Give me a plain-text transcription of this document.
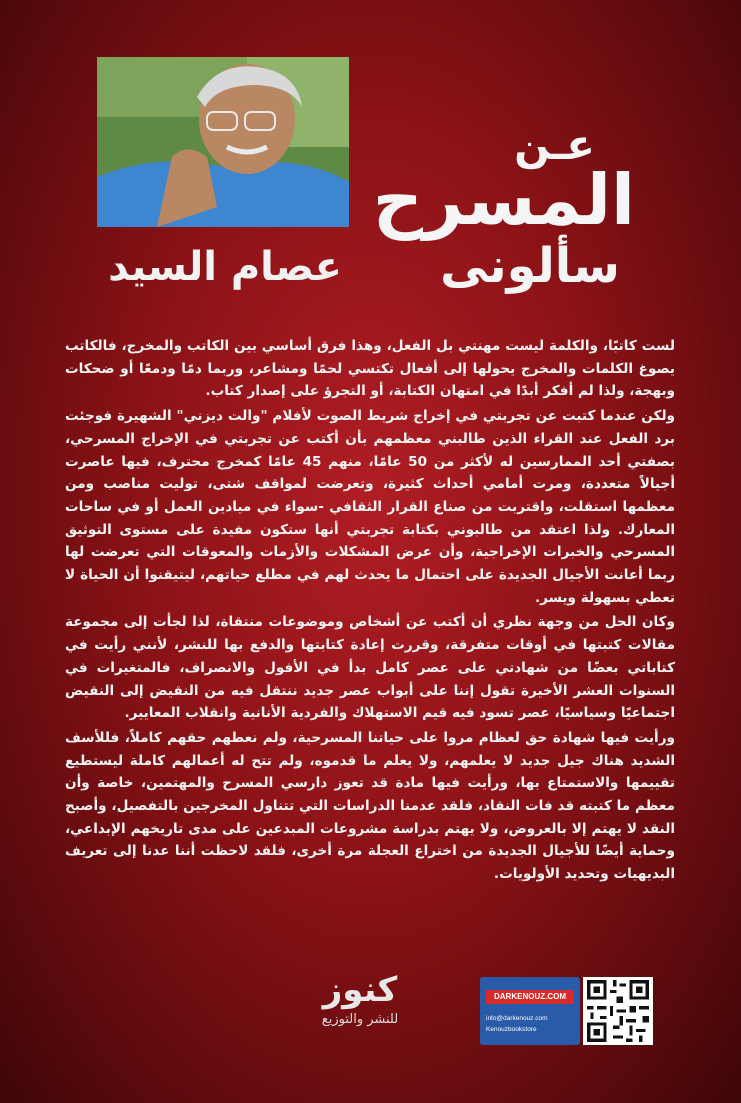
عصام السيد
عـن
المسرح
سألونى

لست كاتبًا، والكلمة ليست مهنتي بل الفعل، وهذا فرق أساسي بين الكاتب والمخرج، فالكاتب يصوغ الكلمات والمخرج يحولها إلى أفعال تكتسي لحمًا ومشاعر، وربما دمًا ودمعًا أو ضحكات وبهجة، ولذا لم أفكر أبدًا في امتهان الكتابة، أو التجرؤ على إصدار كتاب.

ولكن عندما كتبت عن تجربتي في إخراج شريط الصوت لأفلام "والت ديزني" الشهيرة فوجئت برد الفعل عند القراء الذين طالبني معظمهم بأن أكتب عن تجربتي في الإخراج المسرحي، بصفتي أحد الممارسين له لأكثر من 50 عامًا، منهم 45 عامًا كمخرج محترف، فيها عاصرت أجيالاً متعددة، ومرت أمامي أحداث كثيرة، وتعرضت لمواقف شتى، توليت مناصب ومن معظمها استقلت، واقتربت من صناع القرار الثقافي -سواء في ميادين العمل أو في ساحات المعارك. ولذا اعتقد من طالبوني بكتابة تجربتي أنها ستكون مفيدة على مستوى التوثيق المسرحي والخبرات الإخراجية، وأن عرض المشكلات والأزمات والمعوقات التي تعرضت لها ربما أعانت الأجيال الجديدة على احتمال ما يحدث لهم في مطلع حياتهم، ليتيقنوا أن الحياة لا تعطي بسهولة ويسر.

وكان الحل من وجهة نظري أن أكتب عن أشخاص وموضوعات منتقاة، لذا لجأت إلى مجموعة مقالات كتبتها في أوقات متفرقة، وقررت إعادة كتابتها والدفع بها للنشر، لأنني رأيت في كتاباتي بعضًا من شهادتي على عصر كامل بدأ في الأفول والانصراف، فالمتغيرات في السنوات العشر الأخيرة تقول إننا على أبواب عصر جديد ننتقل فيه من النقيض إلى النقيض اجتماعيًا وسياسيًا، عصر تسود فيه قيم الاستهلاك والفردية الأنانية وانقلاب المعايير.

ورأيت فيها شهادة حق لعظام مروا على حياتنا المسرحية، ولم نعطهم حقهم كاملاً، فللأسف الشديد هناك جيل جديد لا يعلمهم، ولا يعلم ما قدموه، ولم تتح له أعمالهم كاملة ليستطيع تقييمها والاستمتاع بها، ورأيت فيها مادة قد تعوز دارسي المسرح والمهتمين، خاصة وأن معظم ما كتبته قد فات النقاد، فلقد عدمنا الدراسات التي تتناول المخرجين بالتفصيل، وأصبح النقد لا يهتم إلا بالعروض، ولا يهتم بدراسة مشروعات المبدعين على مدى تاريخهم الإبداعي، وحماية أيضًا للأجيال الجديدة من اختراع العجلة مرة أخرى، فلقد لاحظت أننا عدنا إلى تعريف البديهيات وتحديد الأولويات.

كنوز
للنشر والتوزيع
DARKENOUZ.COM
info@darkenouz.com
Kenouzbookstore
